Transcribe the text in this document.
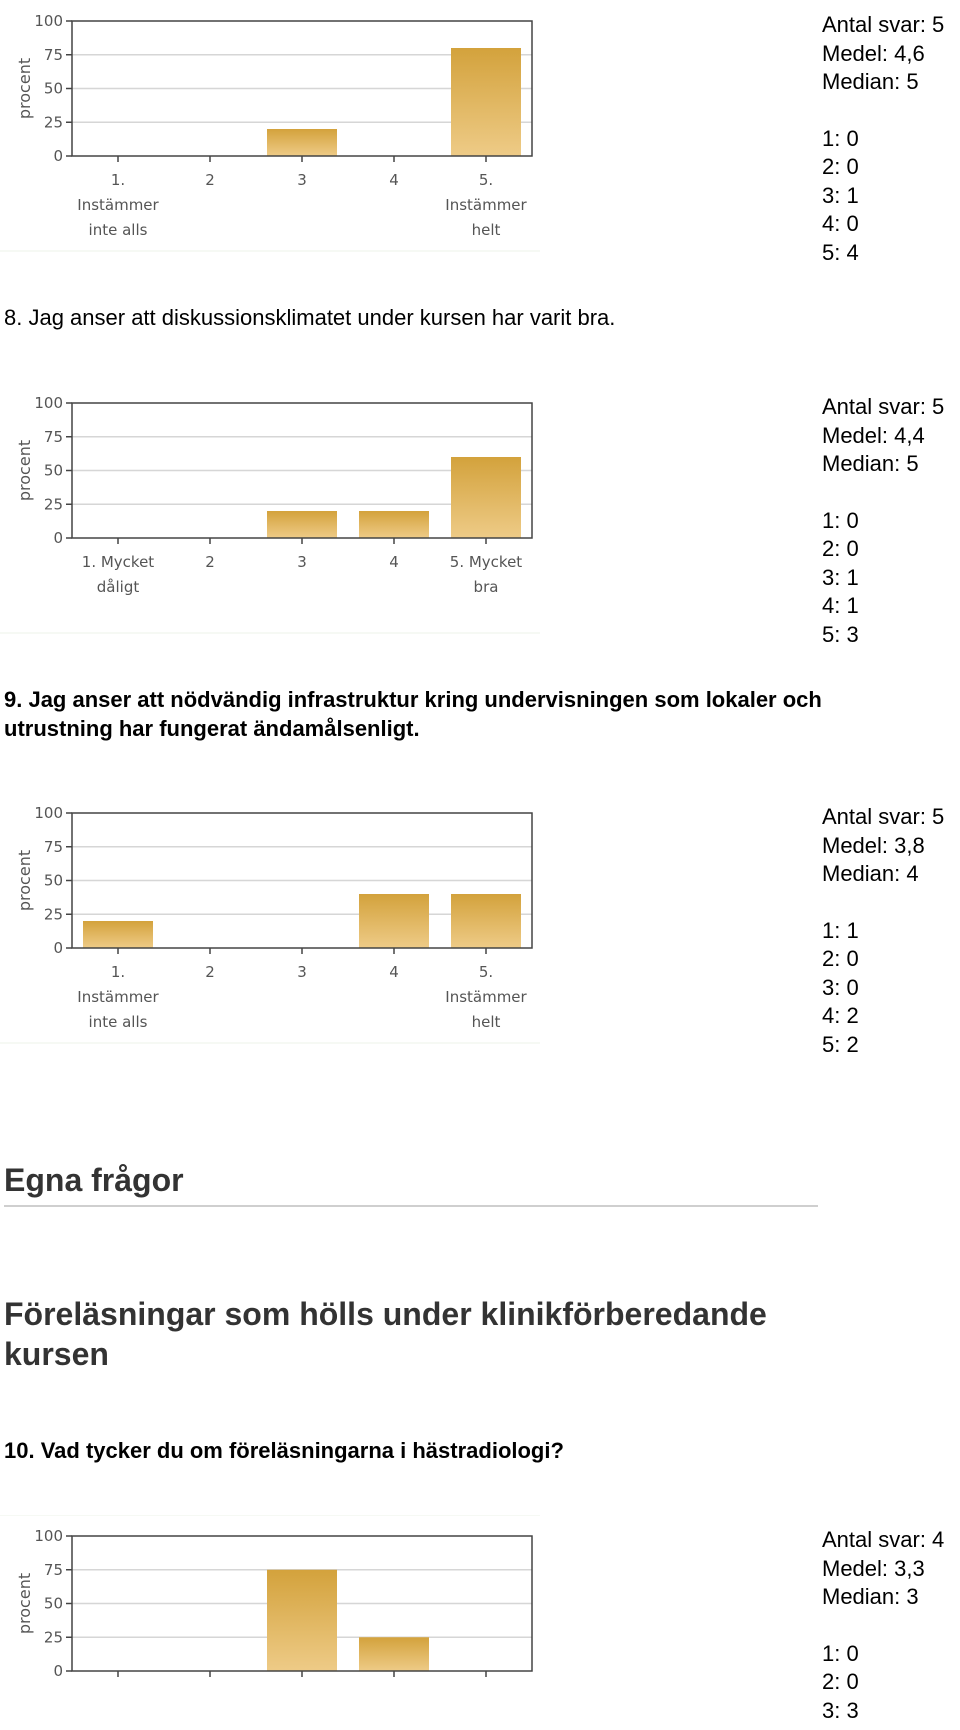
100
75
50
25
0
1.
Instämmer
inte alls
2	3	4	5.
Instämmer
helt
procent
Antal svar: 5
Medel: 4,6
Median: 5
1: 0
2: 0
3: 1
4: 0
5: 4
8. Jag anser att diskussionsklimatet under kursen har varit bra.
100
75
50
25
0
1. Mycket
dåligt
2	3	4	5. Mycket
bra
procent
Antal svar: 5
Medel: 4,4
Median: 5
1: 0
2: 0
3: 1
4: 1
5: 3
9. Jag anser att nödvändig infrastruktur kring undervisningen som lokaler och utrustning har fungerat ändamålsenligt.
100
75
50
25
0
1.
Instämmer
inte alls
2	3	4	5.
Instämmer
helt
procent
Antal svar: 5
Medel: 3,8
Median: 4
1: 1
2: 0
3: 0
4: 2
5: 2
Egna frågor
Föreläsningar som hölls under klinikförberedande kursen
10. Vad tycker du om föreläsningarna i hästradiologi?
100
75
50
25
0
procent
Antal svar: 4
Medel: 3,3
Median: 3
1: 0
2: 0
3: 3
